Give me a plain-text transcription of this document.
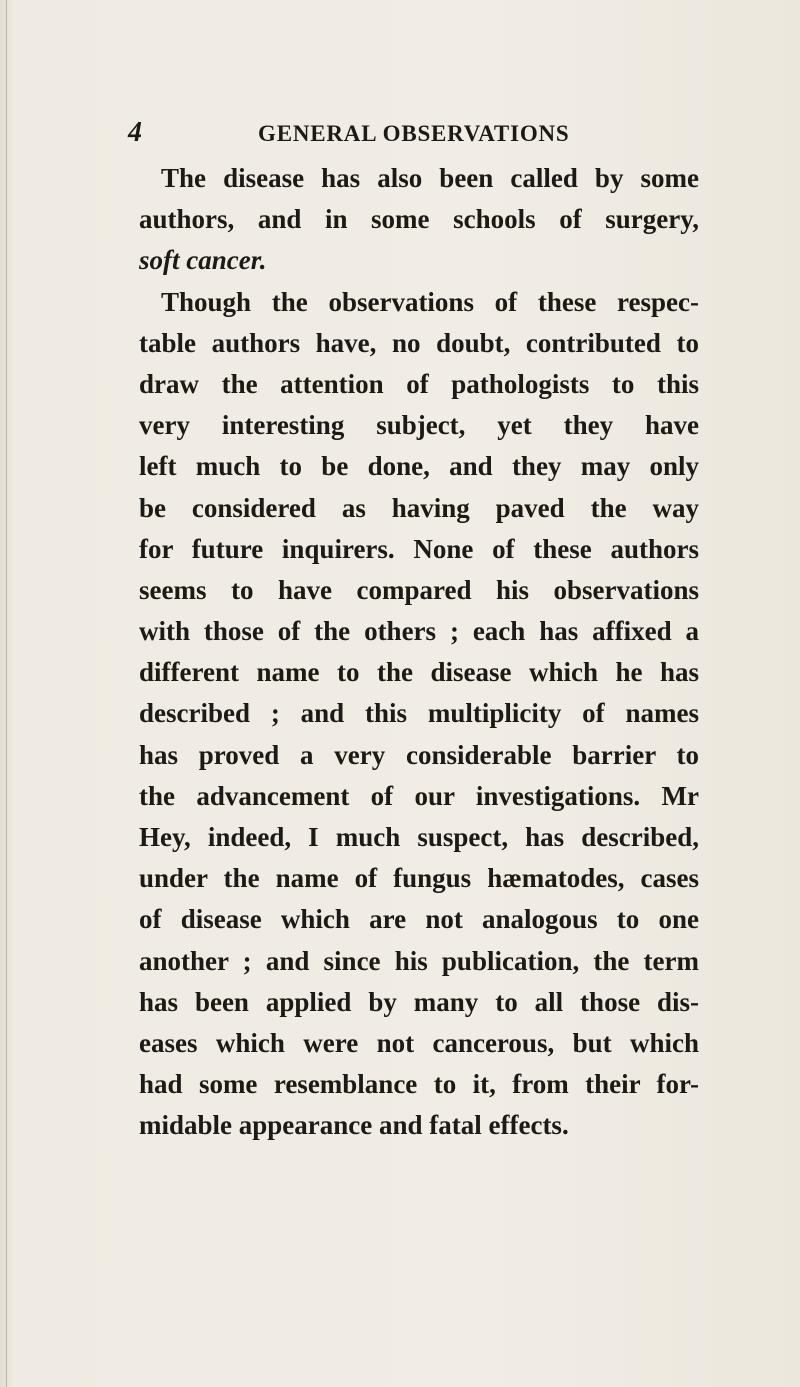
4	GENERAL OBSERVATIONS
The disease has also been called by some
authors, and in some schools of surgery,
soft cancer.
Though the observations of these respec-
table authors have, no doubt, contributed to
draw the attention of pathologists to this
very interesting subject, yet they have
left much to be done, and they may only
be considered as having paved the way
for future inquirers. None of these authors
seems to have compared his observations
with those of the others ; each has affixed a
different name to the disease which he has
described ; and this multiplicity of names
has proved a very considerable barrier to
the advancement of our investigations. Mr
Hey, indeed, I much suspect, has described,
under the name of fungus hæmatodes, cases
of disease which are not analogous to one
another ; and since his publication, the term
has been applied by many to all those dis-
eases which were not cancerous, but which
had some resemblance to it, from their for-
midable appearance and fatal effects.
